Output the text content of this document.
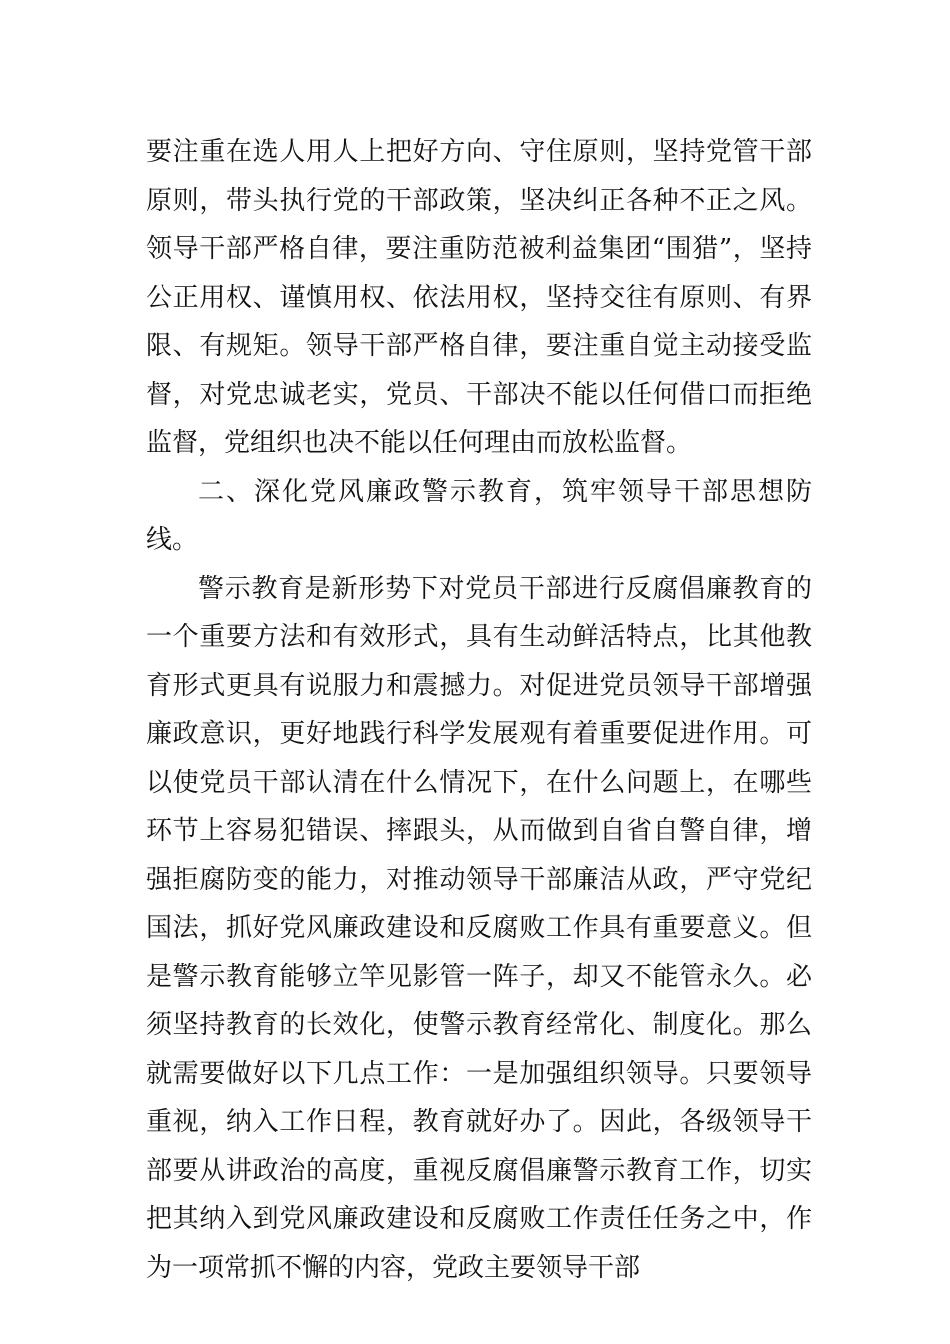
要注重在选人用人上把好方向、守住原则，坚持党管干部原则，带头执行党的干部政策，坚决纠正各种不正之风。领导干部严格自律，要注重防范被利益集团“围猎”，坚持公正用权、谨慎用权、依法用权，坚持交往有原则、有界限、有规矩。领导干部严格自律，要注重自觉主动接受监督，对党忠诚老实，党员、干部决不能以任何借口而拒绝监督，党组织也决不能以任何理由而放松监督。

二、深化党风廉政警示教育，筑牢领导干部思想防线。

警示教育是新形势下对党员干部进行反腐倡廉教育的一个重要方法和有效形式，具有生动鲜活特点，比其他教育形式更具有说服力和震撼力。对促进党员领导干部增强廉政意识，更好地践行科学发展观有着重要促进作用。可以使党员干部认清在什么情况下，在什么问题上，在哪些环节上容易犯错误、摔跟头，从而做到自省自警自律，增强拒腐防变的能力，对推动领导干部廉洁从政，严守党纪国法，抓好党风廉政建设和反腐败工作具有重要意义。但是警示教育能够立竿见影管一阵子，却又不能管永久。必须坚持教育的长效化，使警示教育经常化、制度化。那么就需要做好以下几点工作：一是加强组织领导。只要领导重视，纳入工作日程，教育就好办了。因此，各级领导干部要从讲政治的高度，重视反腐倡廉警示教育工作，切实把其纳入到党风廉政建设和反腐败工作责任任务之中，作为一项常抓不懈的内容，党政主要领导干部
